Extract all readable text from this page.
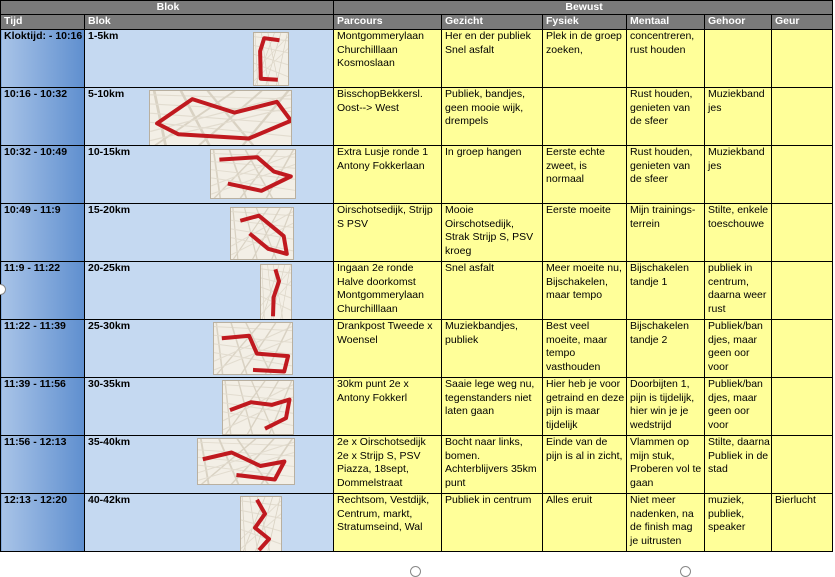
Blok		Bewust					
Tijd	Blok	Parcours	Gezicht	Fysiek	Mentaal	Gehoor	Geur
Kloktijd: - 10:16	1-5km	Montgommerylaan Churchilllaan Kosmoslaan	Her en der publiek Snel asfalt	Plek in de groep zoeken,	concentreren, rust houden		
10:16 - 10:32	5-10km	BisschopBekkersl. Oost--> West	Publiek, bandjes, geen mooie wijk, drempels		Rust houden, genieten van de sfeer	Muziekband jes	
10:32 - 10:49	10-15km	Extra Lusje ronde 1 Antony Fokkerlaan	In groep hangen	Eerste echte zweet, is normaal	Rust houden, genieten van de sfeer	Muziekband jes	
10:49 - 11:9	15-20km	Oirschotsedijk, Strijp S PSV	Mooie Oirschotsedijk, Strak Strijp S, PSV kroeg	Eerste moeite	Mijn trainings-terrein	Stilte, enkele toeschouwe	
11:9 - 11:22	20-25km	Ingaan 2e ronde Halve doorkomst Montgommerylaan Churchilllaan	Snel asfalt	Meer moeite nu, Bijschakelen, maar tempo	Bijschakelen tandje 1	publiek in centrum, daarna weer rust	
11:22 - 11:39	25-30km	Drankpost Tweede x Woensel	Muziekbandjes, publiek	Best veel moeite, maar tempo vasthouden	Bijschakelen tandje 2	Publiek/ban djes, maar geen oor voor	
11:39 - 11:56	30-35km	30km punt 2e x Antony Fokkerl	Saaie lege weg nu, tegenstanders niet laten gaan	Hier heb je voor getraind en deze pijn is maar tijdelijk	Doorbijten 1, pijn is tijdelijk, hier win je je wedstrijd	Publiek/ban djes, maar geen oor voor	
11:56 - 12:13	35-40km	2e x Oirschotsedijk 2e x Strijp S, PSV Piazza, 18sept, Dommelstraat	Bocht naar links, bomen. Achterblijvers 35km punt	Einde van de pijn is al in zicht,	Vlammen op mijn stuk, Proberen vol te gaan	Stilte, daarna Publiek in de stad	
12:13 - 12:20	40-42km	Rechtsom, Vestdijk, Centrum, markt, Stratumseind, Wal	Publiek in centrum	Alles eruit	Niet meer nadenken, na de finish mag je uitrusten	muziek, publiek, speaker	Bierlucht
